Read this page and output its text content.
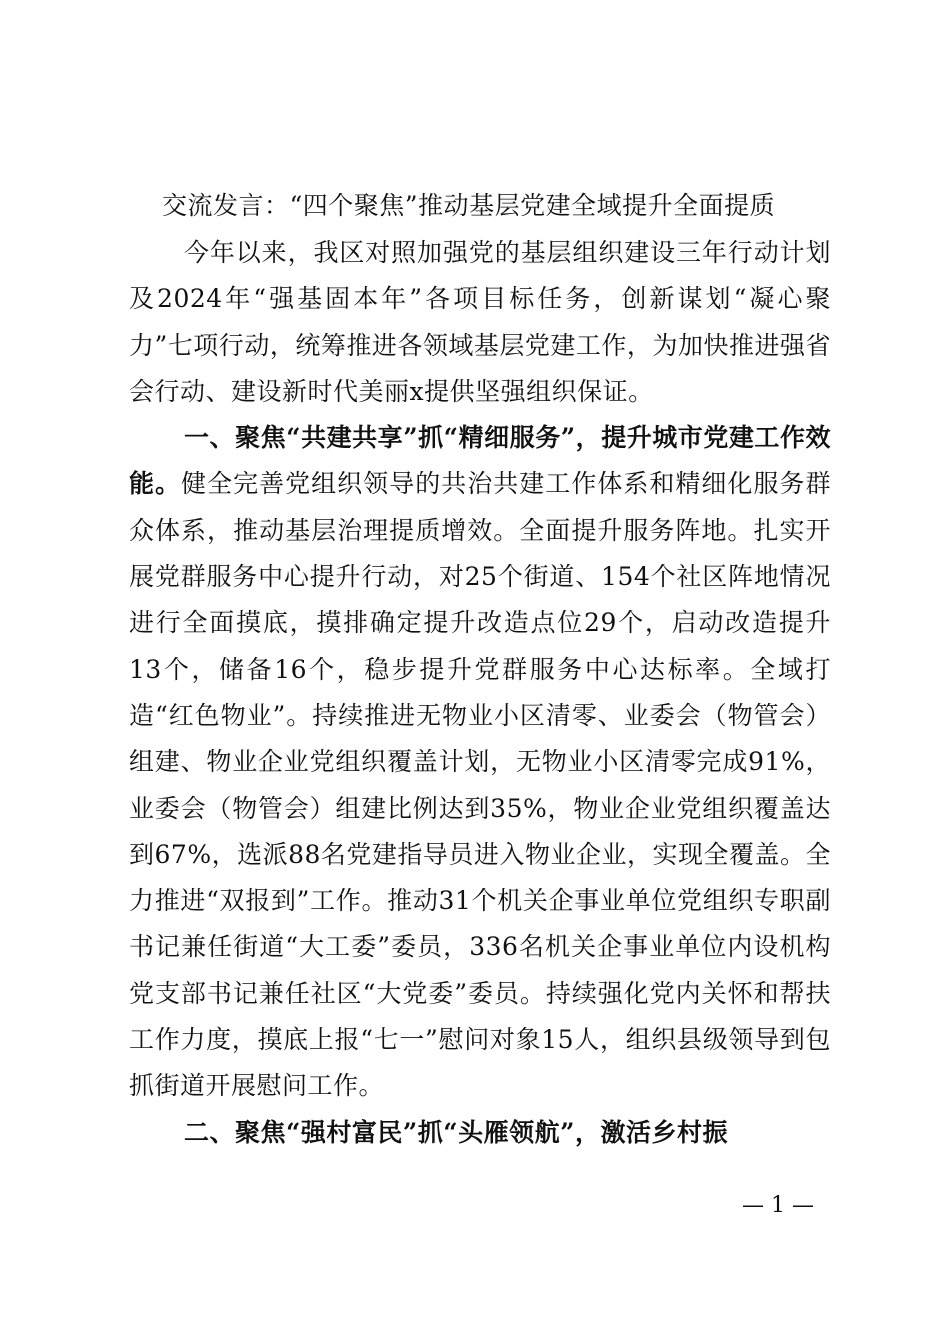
交流发言：“四个聚焦”推动基层党建全域提升全面提质

今年以来，我区对照加强党的基层组织建设三年行动计划及2024年“强基固本年”各项目标任务，创新谋划“凝心聚力”七项行动，统筹推进各领域基层党建工作，为加快推进强省会行动、建设新时代美丽x提供坚强组织保证。

一、聚焦“共建共享”抓“精细服务”，提升城市党建工作效能。健全完善党组织领导的共治共建工作体系和精细化服务群众体系，推动基层治理提质增效。全面提升服务阵地。扎实开展党群服务中心提升行动，对25个街道、154个社区阵地情况进行全面摸底，摸排确定提升改造点位29个，启动改造提升13个，储备16个，稳步提升党群服务中心达标率。全域打造“红色物业”。持续推进无物业小区清零、业委会（物管会）组建、物业企业党组织覆盖计划，无物业小区清零完成91%，业委会（物管会）组建比例达到35%，物业企业党组织覆盖达到67%，选派88名党建指导员进入物业企业，实现全覆盖。全力推进“双报到”工作。推动31个机关企事业单位党组织专职副书记兼任街道“大工委”委员，336名机关企事业单位内设机构党支部书记兼任社区“大党委”委员。持续强化党内关怀和帮扶工作力度，摸底上报“七一”慰问对象15人，组织县级领导到包抓街道开展慰问工作。

二、聚焦“强村富民”抓“头雁领航”，激活乡村振

— 1 —
